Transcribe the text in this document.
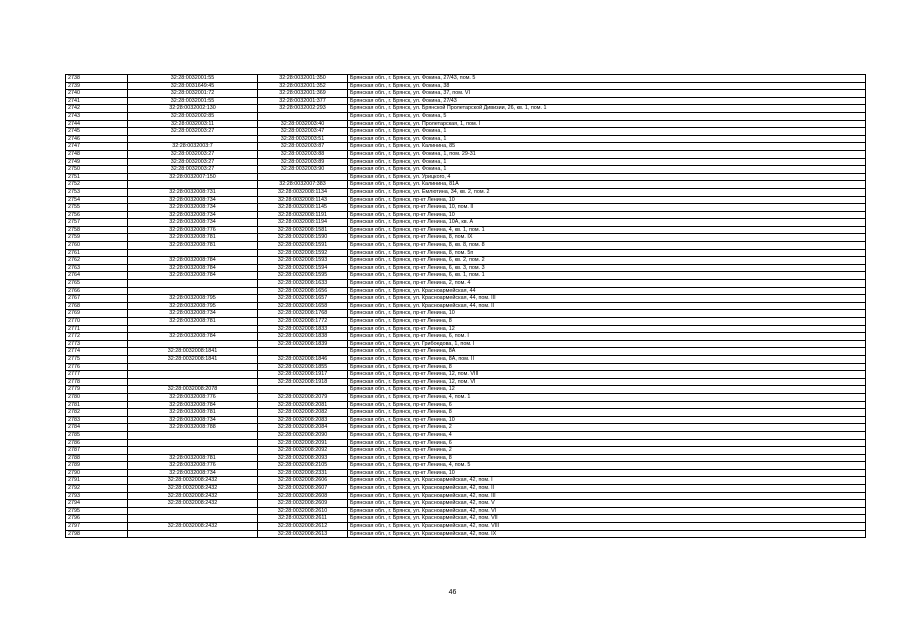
2738	32:28:0032001:55	32:28:0032001:350	Брянская обл., г. Брянск, ул. Фокина, 27/43, пом. 5
2739	32:28:0031649:45	32:28:0032001:352	Брянская обл., г. Брянск, ул. Фокина, 38
2740	32:28:0032001:72	32:28:0032001:369	Брянская обл., г. Брянск, ул. Фокина, 37, пом. VI
2741	32:28:0032001:55	32:28:0032001:377	Брянская обл., г. Брянск, ул. Фокина, 27/43
2742	32:28:0032002:130	32:28:0032002:293	Брянская обл., г. Брянск, ул. Брянской Пролетарской Дивизии, 26, кв. 1, пом. 1
2743	32:28:0032002:85		Брянская обл., г. Брянск, ул. Фокина, 5
2744	32:28:0032003:11	32:28:0032003:40	Брянская обл., г. Брянск, ул. Пролетарская, 1, пом. I
2745	32:28:0032003:27	32:28:0032003:47	Брянская обл., г. Брянск, ул. Фокина, 1
2746		32:28:0032003:51	Брянская обл., г. Брянск, ул. Фокина, 1
2747	32:28:0032003:7	32:28:0032003:87	Брянская обл., г. Брянск, ул. Калинина, 85
2748	32:28:0032003:27	32:28:0032003:88	Брянская обл., г. Брянск, ул. Фокина, 1, пом. 29-31
2749	32:28:0032003:27	32:28:0032003:89	Брянская обл., г. Брянск, ул. Фокина, 1
2750	32:28:0032003:27	32:28:0032003:90	Брянская обл., г. Брянск, ул. Фокина, 1
2751	32:28:0032007:150		Брянская обл., г. Брянск, ул. Урицкого, 4
2752		32:28:0032007:383	Брянская обл., г. Брянск, ул. Калинина, 81А
2753	32:28:0032008:731	32:28:0032008:1134	Брянская обл., г. Брянск, ул. Емлютина, 34, кв. 2, пом. 2
2754	32:28:0032008:734	32:28:0032008:1143	Брянская обл., г. Брянск, пр-кт Ленина, 10
2755	32:28:0032008:734	32:28:0032008:1145	Брянская обл., г. Брянск, пр-кт Ленина, 10, пом. II
2756	32:28:0032008:734	32:28:0032008:1191	Брянская обл., г. Брянск, пр-кт Ленина, 10
2757	32:28:0032008:734	32:28:0032008:1194	Брянская обл., г. Брянск, пр-кт Ленина, 10А, кв. А
2758	32:28:0032008:776	32:28:0032008:1581	Брянская обл., г. Брянск, пр-кт Ленина, 4, кв. 1, пом. 1
2759	32:28:0032008:781	32:28:0032008:1590	Брянская обл., г. Брянск, пр-кт Ленина, 8, пом. IX
2760	32:28:0032008:781	32:28:0032008:1591	Брянская обл., г. Брянск, пр-кт Ленина, 8, кв. 8, пом. 8
2761		32:28:0032008:1592	Брянская обл., г. Брянск, пр-кт Ленина, 8, пом. 5п
2762	32:28:0032008:784	32:28:0032008:1593	Брянская обл., г. Брянск, пр-кт Ленина, 6, кв. 2, пом. 2
2763	32:28:0032008:784	32:28:0032008:1594	Брянская обл., г. Брянск, пр-кт Ленина, 6, кв. 3, пом. 3
2764	32:28:0032008:784	32:28:0032008:1595	Брянская обл., г. Брянск, пр-кт Ленина, 6, кв. 1, пом. 1
2765		32:28:0032008:1633	Брянская обл., г. Брянск, пр-кт Ленина, 2, пом. 4
2766		32:28:0032008:1656	Брянская обл., г. Брянск, ул. Красноармейская, 44
2767	32:28:0032008:795	32:28:0032008:1657	Брянская обл., г. Брянск, ул. Красноармейская, 44, пом. III
2768	32:28:0032008:795	32:28:0032008:1658	Брянская обл., г. Брянск, ул. Красноармейская, 44, пом. II
2769	32:28:0032008:734	32:28:0032008:1768	Брянская обл., г. Брянск, пр-кт Ленина, 10
2770	32:28:0032008:781	32:28:0032008:1772	Брянская обл., г. Брянск, пр-кт Ленина, 8
2771		32:28:0032008:1833	Брянская обл., г. Брянск, пр-кт Ленина, 12
2772	32:28:0032008:784	32:28:0032008:1838	Брянская обл., г. Брянск, пр-кт Ленина, 6, пом. I
2773		32:28:0032008:1839	Брянская обл., г. Брянск, ул. Грибоедова, 1, пом. I
2774	32:28:0032008:1841		Брянская обл., г. Брянск, пр-кт Ленина, 8А
2775	32:28:0032008:1841	32:28:0032008:1846	Брянская обл., г. Брянск, пр-кт Ленина, 8А, пом. II
2776		32:28:0032008:1855	Брянская обл., г. Брянск, пр-кт Ленина, 8
2777		32:28:0032008:1917	Брянская обл., г. Брянск, пр-кт Ленина, 12, пом. VIII
2778		32:28:0032008:1918	Брянская обл., г. Брянск, пр-кт Ленина, 12, пом. VI
2779	32:28:0032008:2078		Брянская обл., г. Брянск, пр-кт Ленина, 12
2780	32:28:0032008:776	32:28:0032008:2079	Брянская обл., г. Брянск, пр-кт Ленина, 4, пом. 1
2781	32:28:0032008:784	32:28:0032008:2081	Брянская обл., г. Брянск, пр-кт Ленина, 6
2782	32:28:0032008:781	32:28:0032008:2082	Брянская обл., г. Брянск, пр-кт Ленина, 8
2783	32:28:0032008:734	32:28:0032008:2083	Брянская обл., г. Брянск, пр-кт Ленина, 10
2784	32:28:0032008:788	32:28:0032008:2084	Брянская обл., г. Брянск, пр-кт Ленина, 2
2785		32:28:0032008:2090	Брянская обл., г. Брянск, пр-кт Ленина, 4
2786		32:28:0032008:2091	Брянская обл., г. Брянск, пр-кт Ленина, 6
2787		32:28:0032008:2092	Брянская обл., г. Брянск, пр-кт Ленина, 2
2788	32:28:0032008:781	32:28:0032008:2093	Брянская обл., г. Брянск, пр-кт Ленина, 8
2789	32:28:0032008:776	32:28:0032008:2105	Брянская обл., г. Брянск, пр-кт Ленина, 4, пом. 5
2790	32:28:0032008:734	32:28:0032008:2331	Брянская обл., г. Брянск, пр-кт Ленина, 10
2791	32:28:0032008:2432	32:28:0032008:2606	Брянская обл., г. Брянск, ул. Красноармейская, 42, пом. I
2792	32:28:0032008:2432	32:28:0032008:2607	Брянская обл., г. Брянск, ул. Красноармейская, 42, пом. II
2793	32:28:0032008:2432	32:28:0032008:2608	Брянская обл., г. Брянск, ул. Красноармейская, 42, пом. III
2794	32:28:0032008:2432	32:28:0032008:2609	Брянская обл., г. Брянск, ул. Красноармейская, 42, пом. V
2795		32:28:0032008:2610	Брянская обл., г. Брянск, ул. Красноармейская, 42, пом. VI
2796		32:28:0032008:2611	Брянская обл., г. Брянск, ул. Красноармейская, 42, пом. VII
2797	32:28:0032008:2432	32:28:0032008:2612	Брянская обл., г. Брянск, ул. Красноармейская, 42, пом. VIII
2798		32:28:0032008:2613	Брянская обл., г. Брянск, ул. Красноармейская, 42, пом. IX
46
